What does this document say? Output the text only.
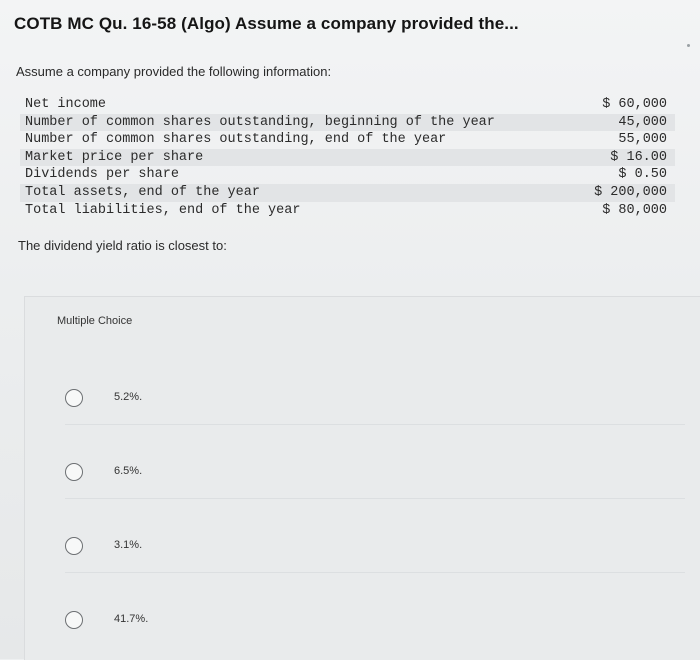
COTB MC Qu. 16-58 (Algo) Assume a company provided the...
Assume a company provided the following information:
Net income	$ 60,000
Number of common shares outstanding, beginning of the year	45,000
Number of common shares outstanding, end of the year	55,000
Market price per share	$ 16.00
Dividends per share	$ 0.50
Total assets, end of the year	$ 200,000
Total liabilities, end of the year	$ 80,000
The dividend yield ratio is closest to:
Multiple Choice
5.2%.
6.5%.
3.1%.
41.7%.
